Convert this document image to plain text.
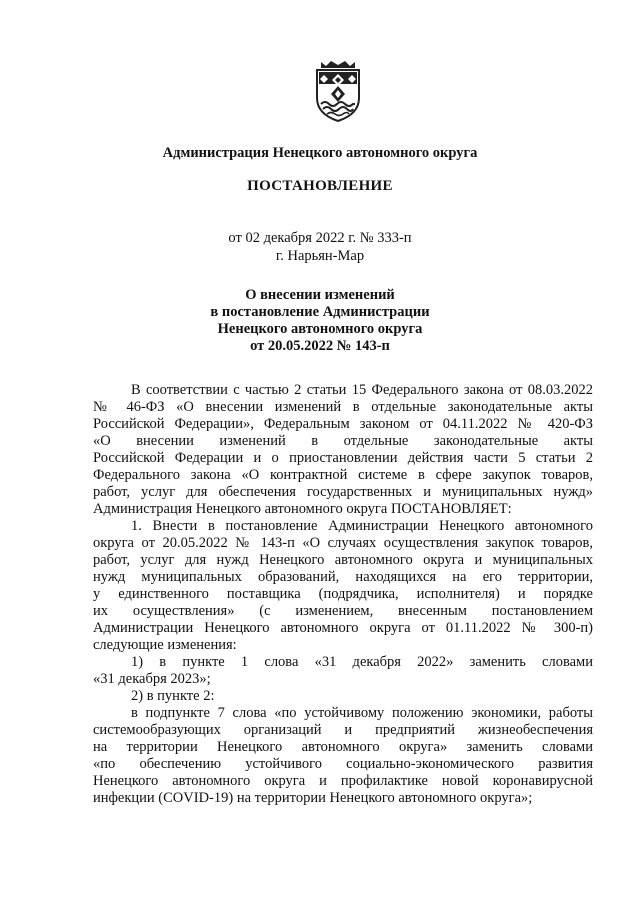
Администрация Ненецкого автономного округа
ПОСТАНОВЛЕНИЕ
от 02 декабря 2022 г. № 333-п
г. Нарьян-Мар
О внесении изменений
в постановление Администрации
Ненецкого автономного округа
от 20.05.2022 № 143-п
В соответствии с частью 2 статьи 15 Федерального закона от 08.03.2022
№ 46-ФЗ «О внесении изменений в отдельные законодательные акты
Российской Федерации», Федеральным законом от 04.11.2022 № 420-ФЗ
«О внесении изменений в отдельные законодательные акты
Российской Федерации и о приостановлении действия части 5 статьи 2
Федерального закона «О контрактной системе в сфере закупок товаров,
работ, услуг для обеспечения государственных и муниципальных нужд»
Администрация Ненецкого автономного округа ПОСТАНОВЛЯЕТ:
1. Внести в постановление Администрации Ненецкого автономного
округа от 20.05.2022 № 143-п «О случаях осуществления закупок товаров,
работ, услуг для нужд Ненецкого автономного округа и муниципальных
нужд муниципальных образований, находящихся на его территории,
у единственного поставщика (подрядчика, исполнителя) и порядке
их осуществления» (с изменением, внесенным постановлением
Администрации Ненецкого автономного округа от 01.11.2022 № 300-п)
следующие изменения:
1) в пункте 1 слова «31 декабря 2022» заменить словами
«31 декабря 2023»;
2) в пункте 2:
в подпункте 7 слова «по устойчивому положению экономики, работы
системообразующих организаций и предприятий жизнеобеспечения
на территории Ненецкого автономного округа» заменить словами
«по обеспечению устойчивого социально-экономического развития
Ненецкого автономного округа и профилактике новой коронавирусной
инфекции (COVID-19) на территории Ненецкого автономного округа»;
